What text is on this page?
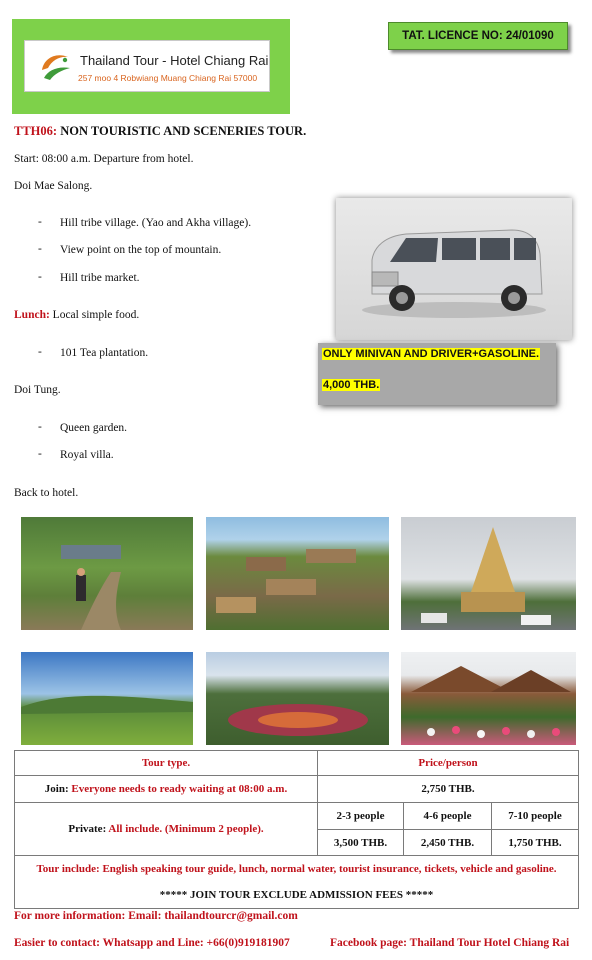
Thailand Tour - Hotel Chiang Rai
257 moo 4 Robwiang Muang Chiang Rai 57000
TAT. LICENCE NO: 24/01090
TTH06: NON TOURISTIC AND SCENERIES TOUR.
Start: 08:00 a.m. Departure from hotel.
Doi Mae Salong.
- Hill tribe village. (Yao and Akha village).
- View point on the top of mountain.
- Hill tribe market.
Lunch: Local simple food.
- 101 Tea plantation.
Doi Tung.
- Queen garden.
- Royal villa.
Back to hotel.
ONLY MINIVAN AND DRIVER+GASOLINE.
4,000 THB.
Tour type.	Price/person		
Join: Everyone needs to ready waiting at 08:00 a.m.	2,750 THB.		
Private: All include. (Minimum 2 people).	2-3 people	4-6 people	7-10 people
	3,500 THB.	2,450 THB.	1,750 THB.

Tour include: English speaking tour guide, lunch, normal water, tourist insurance, tickets, vehicle and gasoline.
***** JOIN TOUR EXCLUDE ADMISSION FEES *****			
For more information: Email: thailandtourcr@gmail.com
Easier to contact: Whatsapp and Line: +66(0)919181907	Facebook page: Thailand Tour Hotel Chiang Rai
